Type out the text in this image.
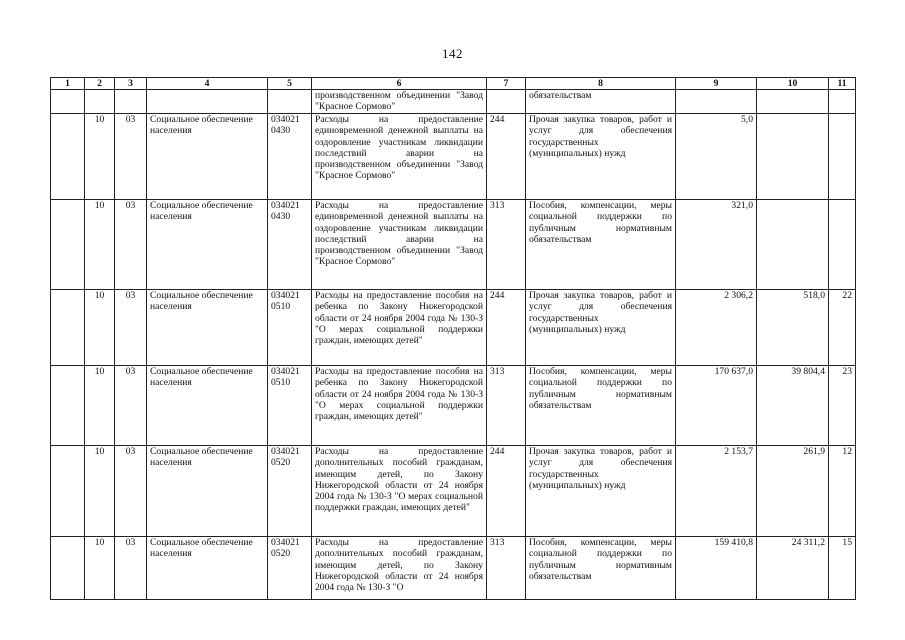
142
1	2	3	4	5	6	7	8	9	10	11
					производственном объединении "Завод "Красное Сормово"		обязательствам			
	10	03	Социальное обеспечение населения	034021 0430	Расходы на предоставление единовременной денежной выплаты на оздоровление участникам ликвидации последствий аварии на производственном объединении "Завод "Красное Сормово"	244	Прочая закупка товаров, работ и услуг для обеспечения государственных (муниципальных) нужд	5,0		
	10	03	Социальное обеспечение населения	034021 0430	Расходы на предоставление единовременной денежной выплаты на оздоровление участникам ликвидации последствий аварии на производственном объединении "Завод "Красное Сормово"	313	Пособия, компенсации, меры социальной поддержки по публичным нормативным обязательствам	321,0		
	10	03	Социальное обеспечение населения	034021 0510	Расходы на предоставление пособия на ребенка по Закону Нижегородской области от 24 ноября 2004 года № 130-З "О мерах социальной поддержки граждан, имеющих детей"	244	Прочая закупка товаров, работ и услуг для обеспечения государственных (муниципальных) нужд	2 306,2	518,0	22
	10	03	Социальное обеспечение населения	034021 0510	Расходы на предоставление пособия на ребенка по Закону Нижегородской области от 24 ноября 2004 года № 130-З "О мерах социальной поддержки граждан, имеющих детей"	313	Пособия, компенсации, меры социальной поддержки по публичным нормативным обязательствам	170 637,0	39 804,4	23
	10	03	Социальное обеспечение населения	034021 0520	Расходы на предоставление дополнительных пособий гражданам, имеющим детей, по Закону Нижегородской области от 24 ноября 2004 года № 130-З "О мерах социальной поддержки граждан, имеющих детей"	244	Прочая закупка товаров, работ и услуг для обеспечения государственных (муниципальных) нужд	2 153,7	261,9	12
	10	03	Социальное обеспечение населения	034021 0520	Расходы на предоставление дополнительных пособий гражданам, имеющим детей, по Закону Нижегородской области от 24 ноября 2004 года № 130-З "О	313	Пособия, компенсации, меры социальной поддержки по публичным нормативным обязательствам	159 410,8	24 311,2	15
